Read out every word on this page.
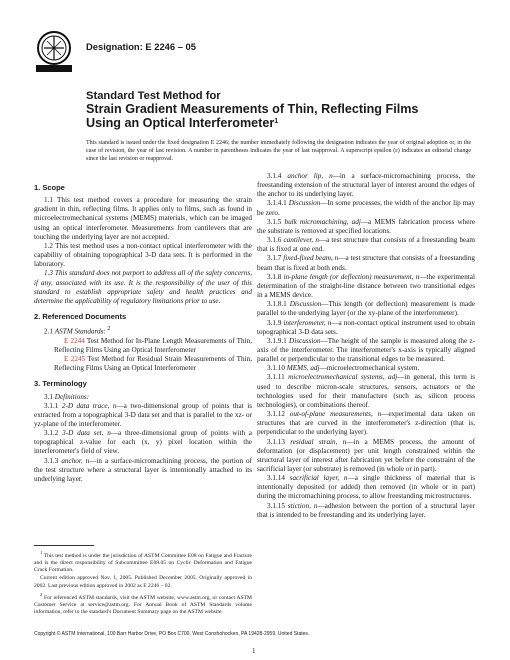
Designation: E 2246 – 05
Standard Test Method for
Strain Gradient Measurements of Thin, Reflecting Films
Using an Optical Interferometer$^1$
This standard is issued under the fixed designation E 2246; the number immediately following the designation indicates the year of original adoption or, in the case of revision, the year of last revision. A number in parentheses indicates the year of last reapproval. A superscript epsilon (ε) indicates an editorial change since the last revision or reapproval.
1. Scope

1.1 This test method covers a procedure for measuring the strain gradient in thin, reflecting films. It applies only to films, such as found in microelectromechanical systems (MEMS) materials, which can be imaged using an optical interferometer. Measurements from cantilevers that are touching the underlying layer are not accepted.

1.2 This test method uses a non-contact optical interferometer with the capability of obtaining topographical 3-D data sets. It is performed in the laboratory.

1.3 This standard does not purport to address all of the safety concerns, if any, associated with its use. It is the responsibility of the user of this standard to establish appropriate safety and health practices and determine the applicability of regulatory limitations prior to use.

2. Referenced Documents

2.1 ASTM Standards: $^2$

E 2244 Test Method for In-Plane Length Measurements of Thin, Reflecting Films Using an Optical Interferometer

E 2245 Test Method for Residual Strain Measurements of Thin, Reflecting Films Using an Optical Interferometer

3. Terminology

3.1 Definitions:

3.1.1 2-D data trace, n—a two-dimensional group of points that is extracted from a topographical 3-D data set and that is parallel to the xz- or yz-plane of the interferometer.

3.1.2 3-D data set, n—a three-dimensional group of points with a topographical z-value for each (x, y) pixel location within the interferometer's field of view.

3.1.3 anchor, n—in a surface-micromachining process, the portion of the test structure where a structural layer is intentionally attached to its underlying layer.

3.1.4 anchor lip, n—in a surface-micromachining process, the freestanding extension of the structural layer of interest around the edges of the anchor to its underlying layer.

3.1.4.1 Discussion—In some processes, the width of the anchor lip may be zero.

3.1.5 bulk micromachining, adj—a MEMS fabrication process where the substrate is removed at specified locations.

3.1.6 cantilever, n—a test structure that consists of a freestanding beam that is fixed at one end.

3.1.7 fixed-fixed beam, n—a test structure that consists of a freestanding beam that is fixed at both ends.

3.1.8 in-plane length (or deflection) measurement, n—the experimental determination of the straight-line distance between two transitional edges in a MEMS device.

3.1.8.1 Discussion—This length (or deflection) measurement is made parallel to the underlying layer (or the xy-plane of the interferometer).

3.1.9 interferometer, n—a non-contact optical instrument used to obtain topographical 3-D data sets.

3.1.9.1 Discussion—The height of the sample is measured along the z-axis of the interferometer. The interferometer's x-axis is typically aligned parallel or perpendicular to the transitional edges to be measured.

3.1.10 MEMS, adj—microelectromechanical system.

3.1.11 microelectromechanical systems, adj—in general, this term is used to describe micron-scale structures, sensors, actuators or the technologies used for their manufacture (such as, silicon process technologies), or combinations thereof.

3.1.12 out-of-plane measurements, n—experimental data taken on structures that are curved in the interferometer's z-direction (that is, perpendicular to the underlying layer).

3.1.13 residual strain, n—in a MEMS process, the amount of deformation (or displacement) per unit length constrained within the structural layer of interest after fabrication yet before the constraint of the sacrificial layer (or substrate) is removed (in whole or in part).

3.1.14 sacrificial layer, n—a single thickness of material that is intentionally deposited (or added) then removed (in whole or in part) during the micromachining process, to allow freestanding microstructures.

3.1.15 stiction, n—adhesion between the portion of a structural layer that is intended to be freestanding and its underlying layer.

$^1$ This test method is under the jurisdiction of ASTM Committee E08 on Fatigue and Fracture and is the direct responsibility of Subcommittee E08.05 on Cyclic Deformation and Fatigue Crack Formation.

Current edition approved Nov. 1, 2005. Published December 2005. Originally approved in 2002. Last previous edition approved in 2002 as E 2246 – 02.

$^2$ For referenced ASTM standards, visit the ASTM website, www.astm.org, or contact ASTM Customer Service at service@astm.org. For Annual Book of ASTM Standards volume information, refer to the standard's Document Summary page on the ASTM website.

Copyright © ASTM International, 100 Barr Harbor Drive, PO Box C700, West Conshohocken, PA 19428-2959, United States.
1
